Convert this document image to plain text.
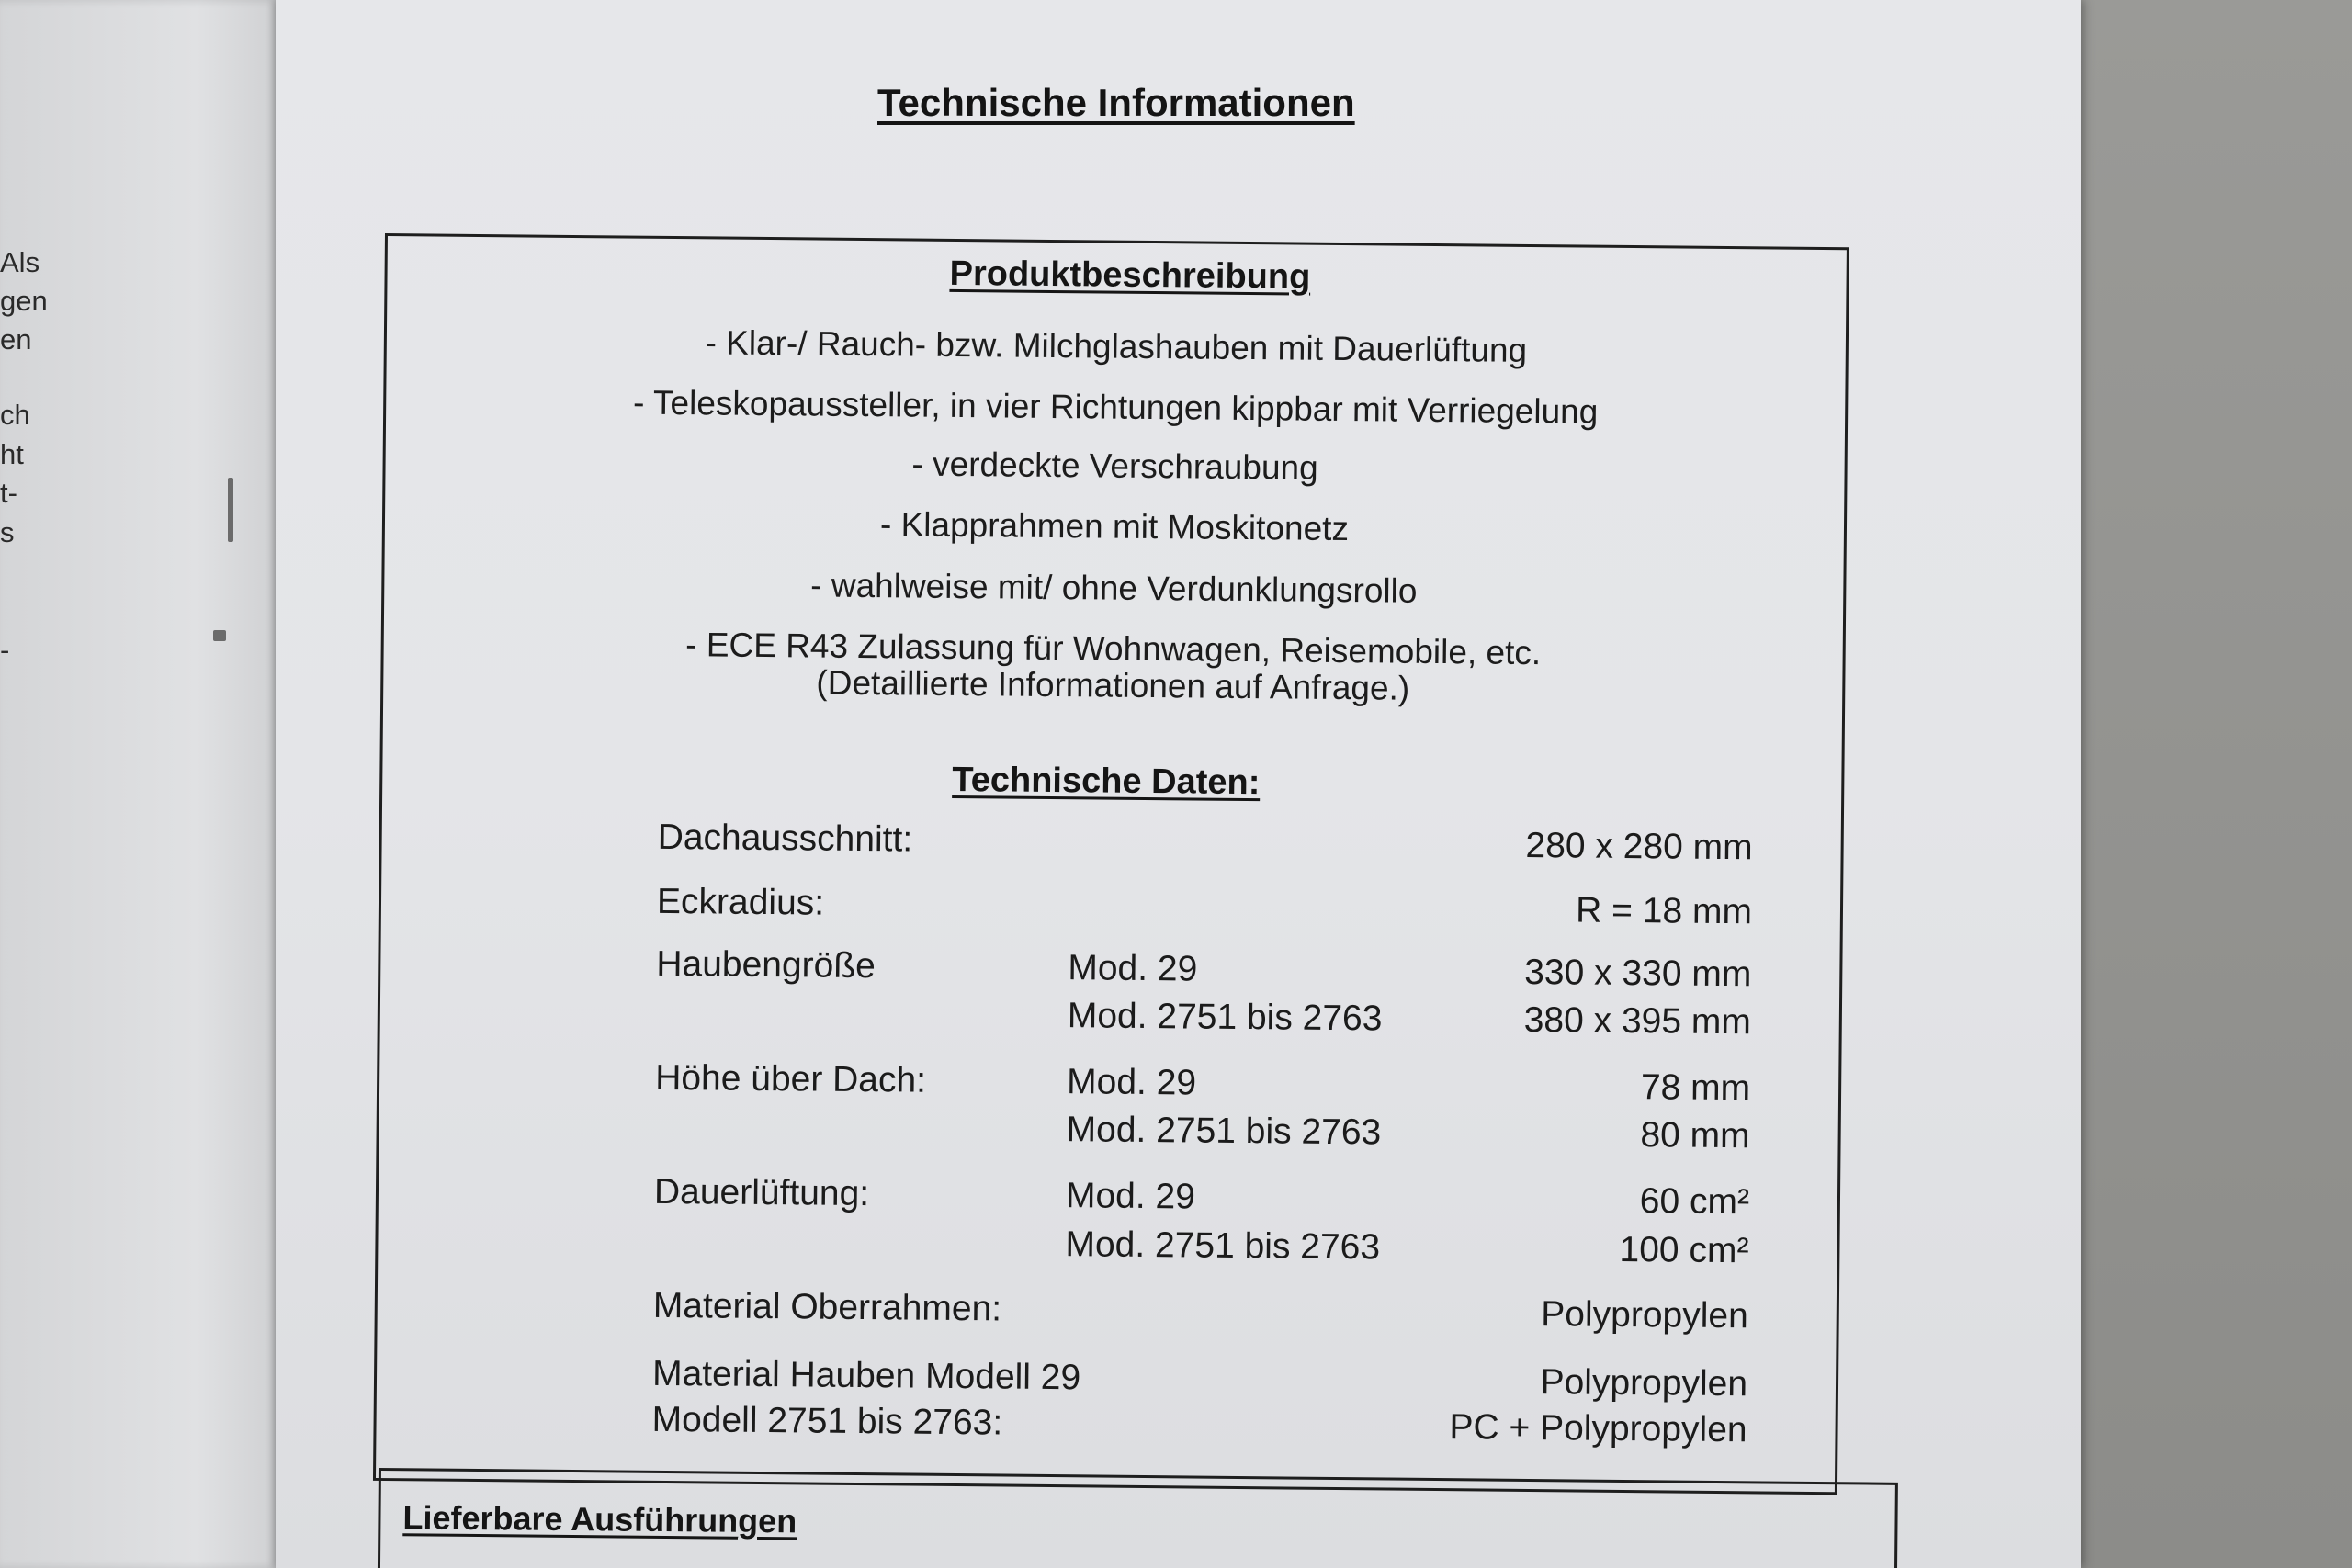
Als
gen
en
ch
ht
t-
s
-
Technische Informationen
Produktbeschreibung
- Klar-/ Rauch- bzw. Milchglashauben mit Dauerlüftung
- Teleskopaussteller, in vier Richtungen kippbar mit Verriegelung
- verdeckte Verschraubung
- Klapprahmen mit Moskitonetz
- wahlweise mit/ ohne Verdunklungsrollo
- ECE R43 Zulassung für Wohnwagen, Reisemobile, etc.
(Detaillierte Informationen auf Anfrage.)
Technische Daten:
Dachausschnitt:	280 x 280 mm
Eckradius:	R = 18 mm
Haubengröße	Mod. 29	330 x 330 mm
Mod. 2751 bis 2763	380 x 395 mm
Höhe über Dach:	Mod. 29	78 mm
Mod. 2751 bis 2763	80 mm
Dauerlüftung:	Mod. 29	60 cm²
Mod. 2751 bis 2763	100 cm²
Material Oberrahmen:	Polypropylen
Material Hauben Modell 29	Polypropylen
Modell 2751 bis 2763:	PC + Polypropylen
Lieferbare Ausführungen
